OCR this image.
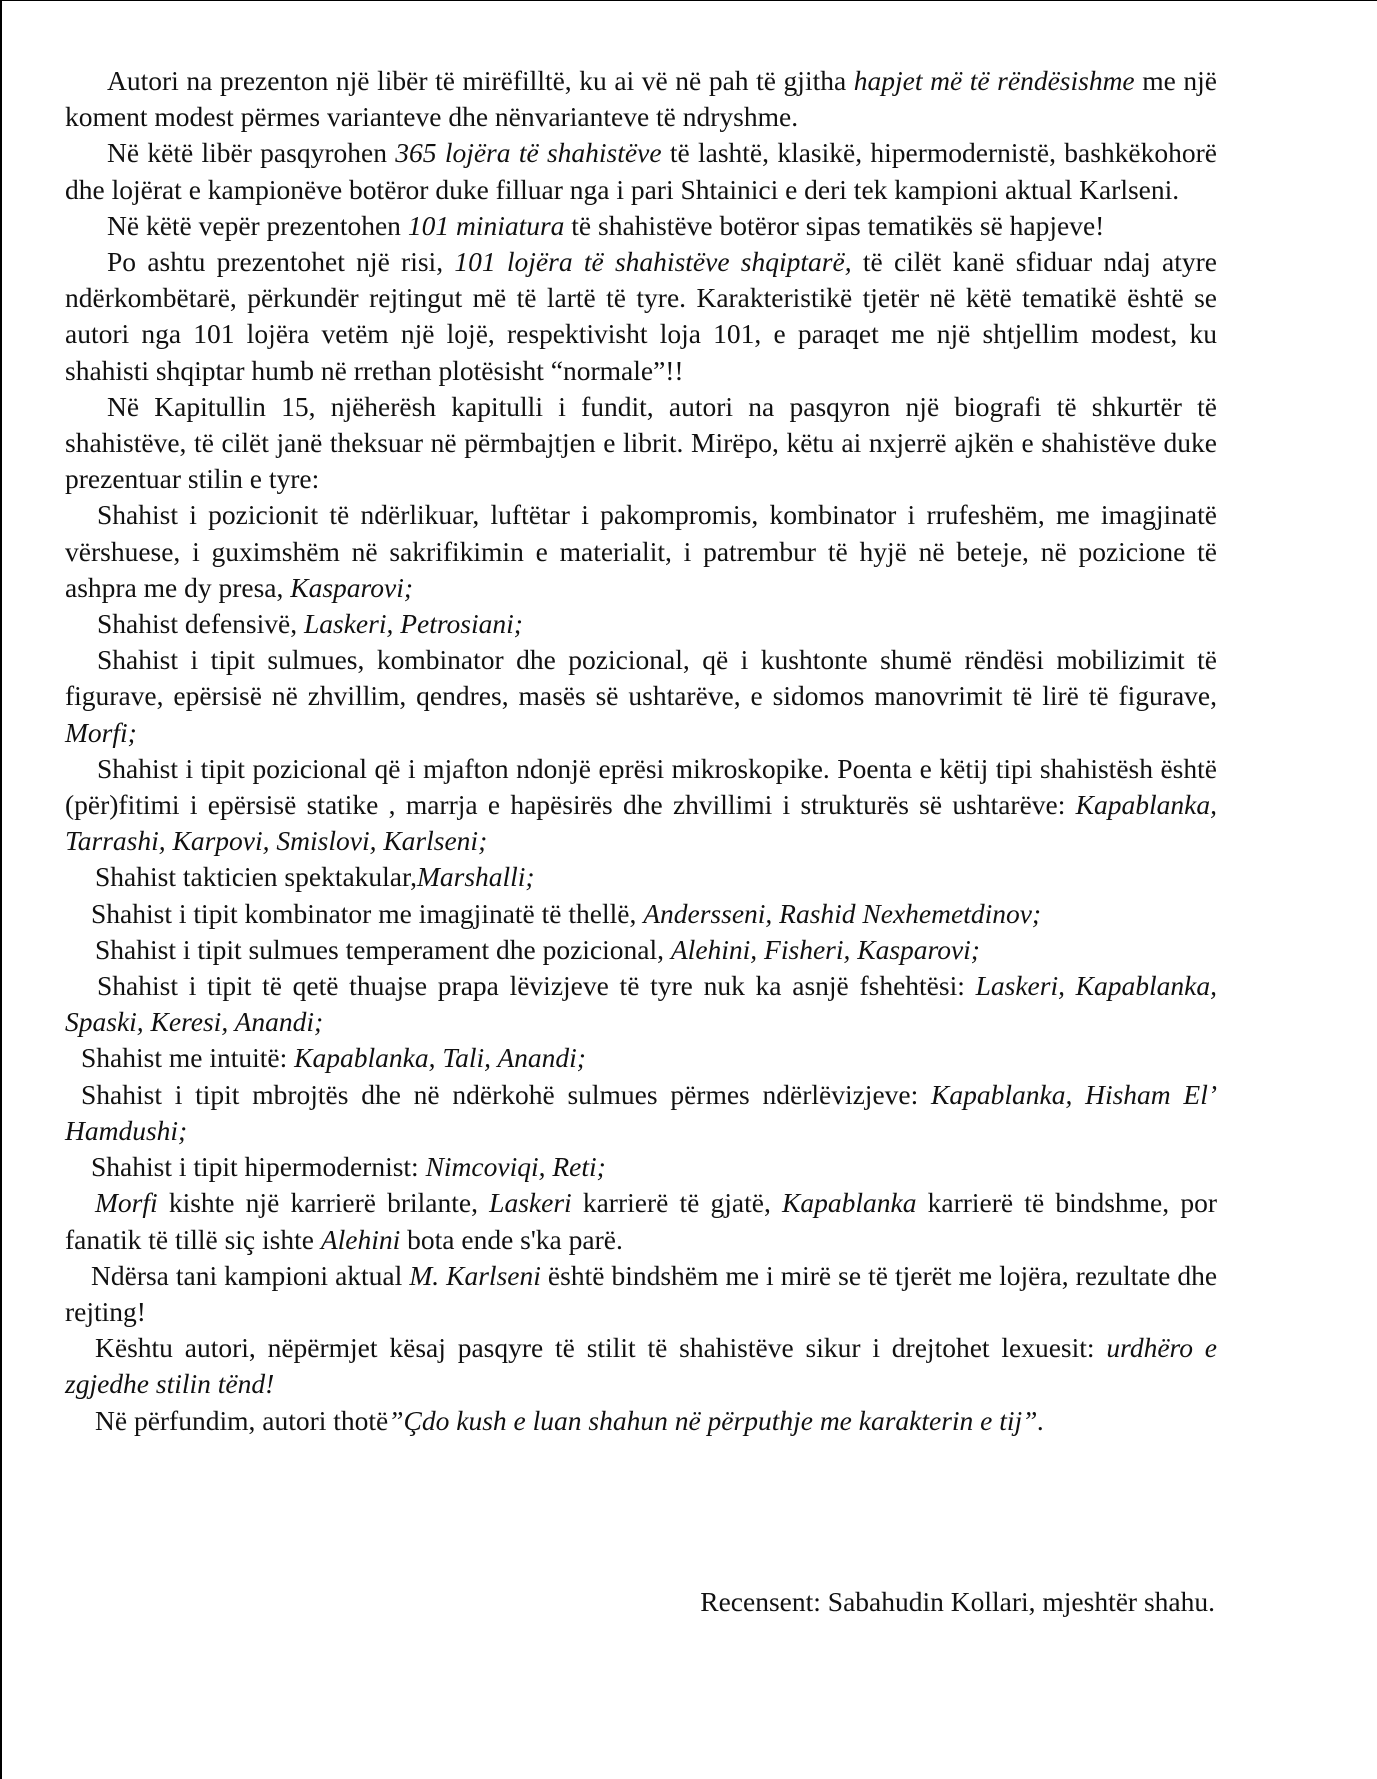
Autori na prezenton një libër të mirëfilltë, ku ai vë në pah të gjitha hapjet më të rëndësishme me një koment modest përmes varianteve dhe nënvarianteve të ndryshme.

Në këtë libër pasqyrohen 365 lojëra të shahistëve të lashtë, klasikë, hipermodernistë, bashkëkohorë dhe lojërat e kampionëve botëror duke filluar nga i pari Shtainici e deri tek kampioni aktual Karlseni.

Në këtë vepër prezentohen 101 miniatura të shahistëve botëror sipas tematikës së hapjeve!

Po ashtu prezentohet një risi, 101 lojëra të shahistëve shqiptarë, të cilët kanë sfiduar ndaj atyre ndërkombëtarë, përkundër rejtingut më të lartë të tyre. Karakteristikë tjetër në këtë tematikë është se autori nga 101 lojëra vetëm një lojë, respektivisht loja 101, e paraqet me një shtjellim modest, ku shahisti shqiptar humb në rrethan plotësisht “normale”!!

Në Kapitullin 15, njëherësh kapitulli i fundit, autori na pasqyron një biografi të shkurtër të shahistëve, të cilët janë theksuar në përmbajtjen e librit. Mirëpo, këtu ai nxjerrë ajkën e shahistëve duke prezentuar stilin e tyre:

Shahist i pozicionit të ndërlikuar, luftëtar i pakompromis, kombinator i rrufeshëm, me imagjinatë vërshuese, i guximshëm në sakrifikimin e materialit, i patrembur të hyjë në beteje, në pozicione të ashpra me dy presa, Kasparovi;

Shahist defensivë, Laskeri, Petrosiani;

Shahist i tipit sulmues, kombinator dhe pozicional, që i kushtonte shumë rëndësi mobilizimit të figurave, epërsisë në zhvillim, qendres, masës së ushtarëve, e sidomos manovrimit të lirë të figurave, Morfi;

Shahist i tipit pozicional që i mjafton ndonjë eprësi mikroskopike. Poenta e këtij tipi shahistësh është (për)fitimi i epërsisë statike , marrja e hapësirës dhe zhvillimi i strukturës së ushtarëve: Kapablanka, Tarrashi, Karpovi, Smislovi, Karlseni;

Shahist takticien spektakular,Marshalli;

Shahist i tipit kombinator me imagjinatë të thellë, Andersseni, Rashid Nexhemetdinov;

Shahist i tipit sulmues temperament dhe pozicional, Alehini, Fisheri, Kasparovi;

Shahist i tipit të qetë thuajse prapa lëvizjeve të tyre nuk ka asnjë fshehtësi: Laskeri, Kapablanka, Spaski, Keresi, Anandi;

Shahist me intuitë: Kapablanka, Tali, Anandi;

Shahist i tipit mbrojtës dhe në ndërkohë sulmues përmes ndërlëvizjeve: Kapablanka, Hisham El’ Hamdushi;

Shahist i tipit hipermodernist: Nimcoviqi, Reti;

Morfi kishte një karrierë brilante, Laskeri karrierë të gjatë, Kapablanka karrierë të bindshme, por fanatik të tillë siç ishte Alehini bota ende s'ka parë.

Ndërsa tani kampioni aktual M. Karlseni është bindshëm me i mirë se të tjerët me lojëra, rezultate dhe rejting!

Kështu autori, nëpërmjet kësaj pasqyre të stilit të shahistëve sikur i drejtohet lexuesit: urdhëro e zgjedhe stilin tënd!

Në përfundim, autori thotë”Çdo kush e luan shahun në përputhje me karakterin e tij”.

Recensent: Sabahudin Kollari, mjeshtër shahu.
